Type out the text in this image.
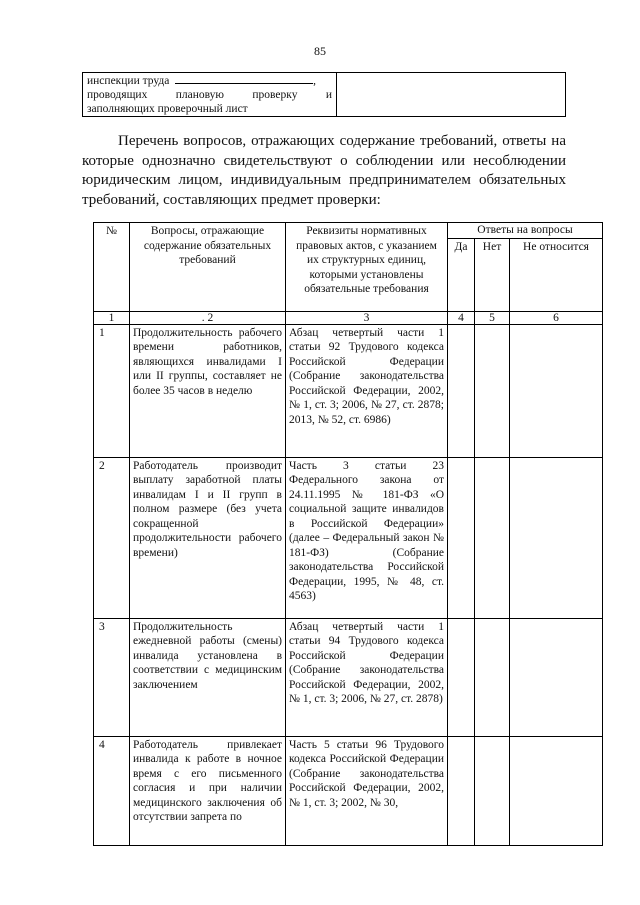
85
инспекции труда	,
проводящих плановую проверку и
заполняющих проверочный лист

Перечень вопросов, отражающих содержание требований, ответы на
которые однозначно свидетельствуют о соблюдении или несоблюдении
юридическим лицом, индивидуальным предпринимателем обязательных
требований, составляющих предмет проверки:
№	Вопросы, отражающие содержание обязательных требований	Реквизиты нормативных правовых актов, с указанием их структурных единиц, которыми установлены обязательные требования	Ответы на вопросы		
			Да	Нет	Не относится
1	. 2	3	4	5	6
1	Продолжительность рабочего времени работников, являющихся инвалидами I или II группы, составляет не более 35 часов в неделю	Абзац четвертый части 1 статьи 92 Трудового кодекса Российской Федерации (Собрание законодательства Российской Федерации, 2002, № 1, ст. 3; 2006, № 27, ст. 2878; 2013, № 52, ст. 6986)			
2	Работодатель производит выплату заработной платы инвалидам I и II групп в полном размере (без учета сокращенной продолжительности рабочего времени)	Часть 3 статьи 23 Федерального закона от 24.11.1995 № 181-ФЗ «О социальной защите инвалидов в Российской Федерации» (далее – Федеральный закон № 181-ФЗ) (Собрание законодательства Российской Федерации, 1995, № 48, ст. 4563)			
3	Продолжительность ежедневной работы (смены) инвалида установлена в соответствии с медицинским заключением	Абзац четвертый части 1 статьи 94 Трудового кодекса Российской Федерации (Собрание законодательства Российской Федерации, 2002, № 1, ст. 3; 2006, № 27, ст. 2878)			
4	Работодатель привлекает инвалида к работе в ночное время с его письменного согласия и при наличии медицинского заключения об отсутствии запрета по	Часть 5 статьи 96 Трудового кодекса Российской Федерации (Собрание законодательства Российской Федерации, 2002, № 1, ст. 3; 2002, № 30,			
